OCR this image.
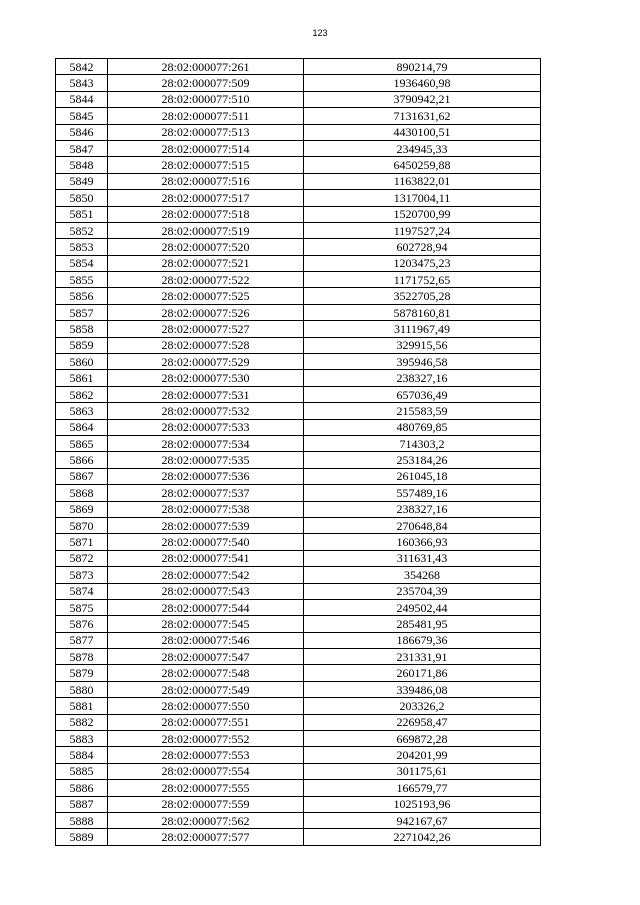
123
5842	28:02:000077:261	890214,79
5843	28:02:000077:509	1936460,98
5844	28:02:000077:510	3790942,21
5845	28:02:000077:511	7131631,62
5846	28:02:000077:513	4430100,51
5847	28:02:000077:514	234945,33
5848	28:02:000077:515	6450259,88
5849	28:02:000077:516	1163822,01
5850	28:02:000077:517	1317004,11
5851	28:02:000077:518	1520700,99
5852	28:02:000077:519	1197527,24
5853	28:02:000077:520	602728,94
5854	28:02:000077:521	1203475,23
5855	28:02:000077:522	1171752,65
5856	28:02:000077:525	3522705,28
5857	28:02:000077:526	5878160,81
5858	28:02:000077:527	3111967,49
5859	28:02:000077:528	329915,56
5860	28:02:000077:529	395946,58
5861	28:02:000077:530	238327,16
5862	28:02:000077:531	657036,49
5863	28:02:000077:532	215583,59
5864	28:02:000077:533	480769,85
5865	28:02:000077:534	714303,2
5866	28:02:000077:535	253184,26
5867	28:02:000077:536	261045,18
5868	28:02:000077:537	557489,16
5869	28:02:000077:538	238327,16
5870	28:02:000077:539	270648,84
5871	28:02:000077:540	160366,93
5872	28:02:000077:541	311631,43
5873	28:02:000077:542	354268
5874	28:02:000077:543	235704,39
5875	28:02:000077:544	249502,44
5876	28:02:000077:545	285481,95
5877	28:02:000077:546	186679,36
5878	28:02:000077:547	231331,91
5879	28:02:000077:548	260171,86
5880	28:02:000077:549	339486,08
5881	28:02:000077:550	203326,2
5882	28:02:000077:551	226958,47
5883	28:02:000077:552	669872,28
5884	28:02:000077:553	204201,99
5885	28:02:000077:554	301175,61
5886	28:02:000077:555	166579,77
5887	28:02:000077:559	1025193,96
5888	28:02:000077:562	942167,67
5889	28:02:000077:577	2271042,26
